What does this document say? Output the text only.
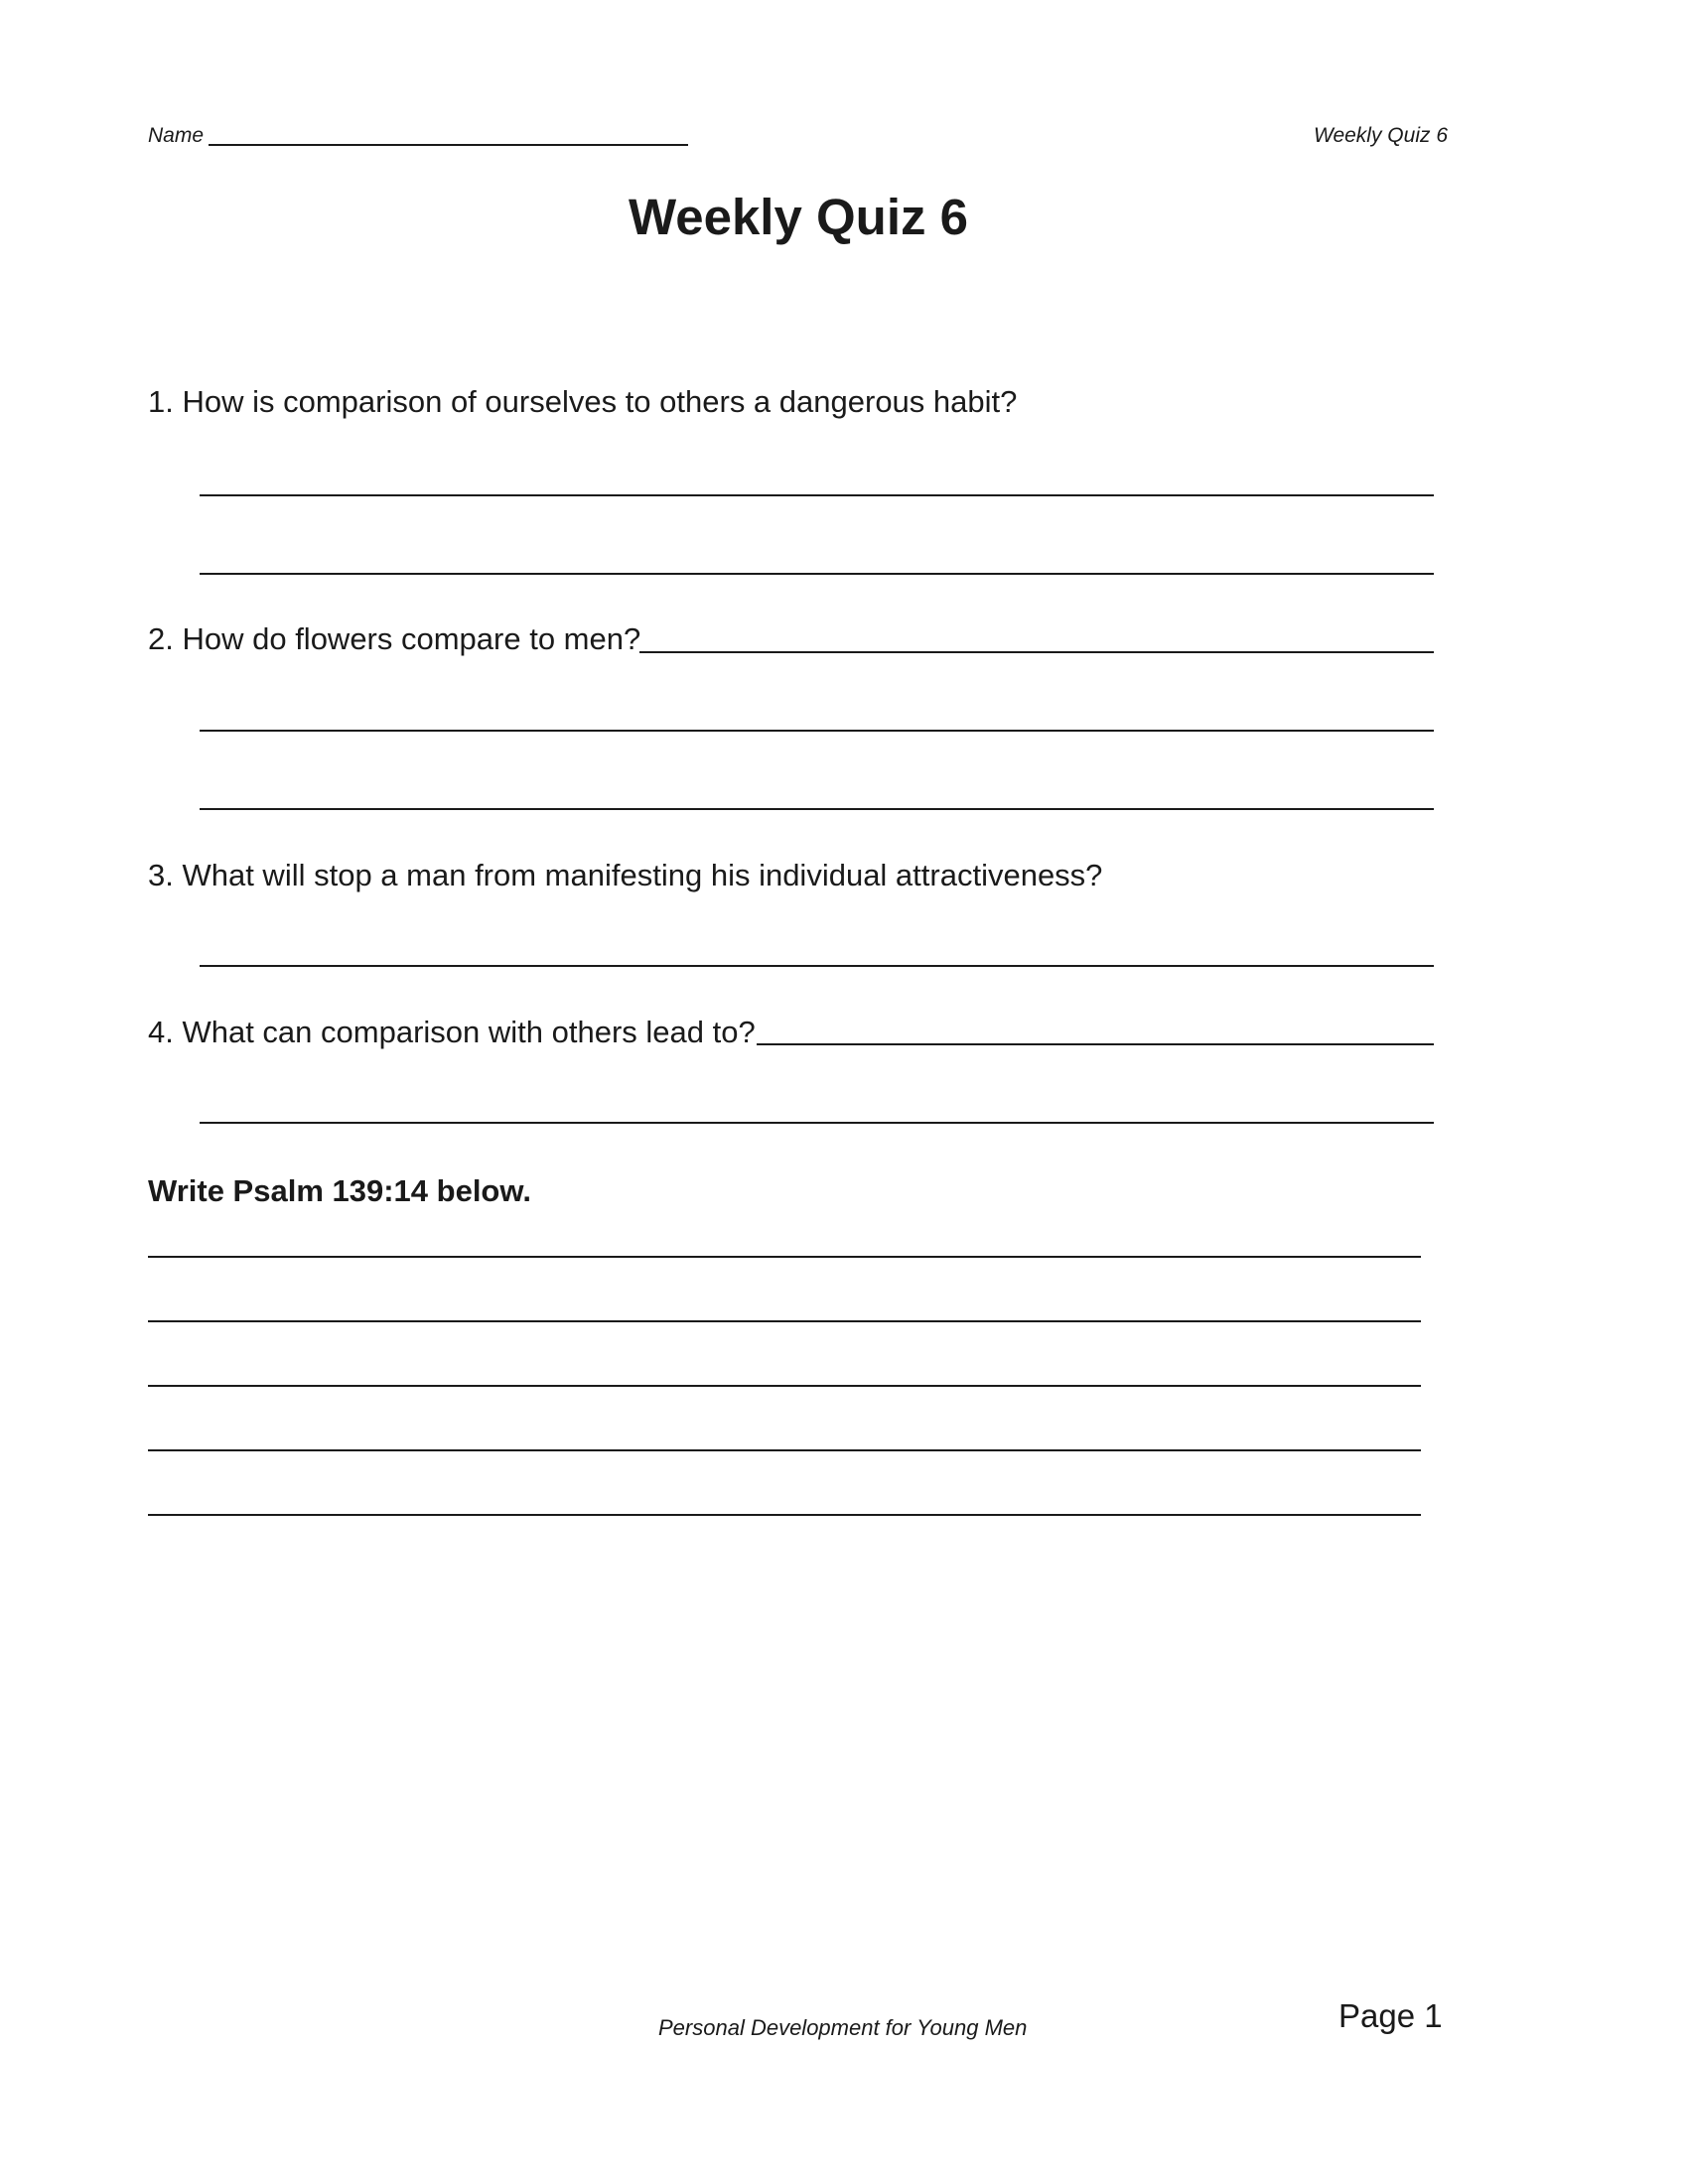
Name	Weekly Quiz 6
Weekly Quiz 6
1. How is comparison of ourselves to others a dangerous habit?
2. How do flowers compare to men?
3. What will stop a man from manifesting his individual attractiveness?
4. What can comparison with others lead to?
Write Psalm 139:14 below.
Personal Development for Young Men	Page 1
